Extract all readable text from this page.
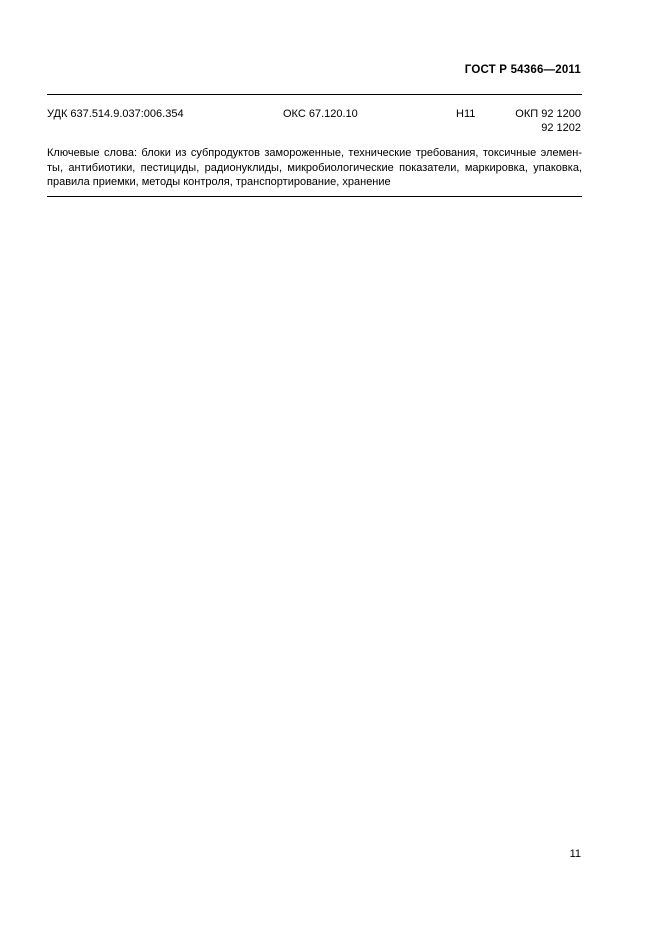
ГОСТ Р 54366—2011
УДК 637.514.9.037:006.354	ОКС 67.120.10	Н11	ОКП 92 1200
92 1202
Ключевые слова: блоки из субпродуктов замороженные, технические требования, токсичные элемен-
ты, антибиотики, пестициды, радионуклиды, микробиологические показатели, маркировка, упаковка,
правила приемки, методы контроля, транспортирование, хранение
11
